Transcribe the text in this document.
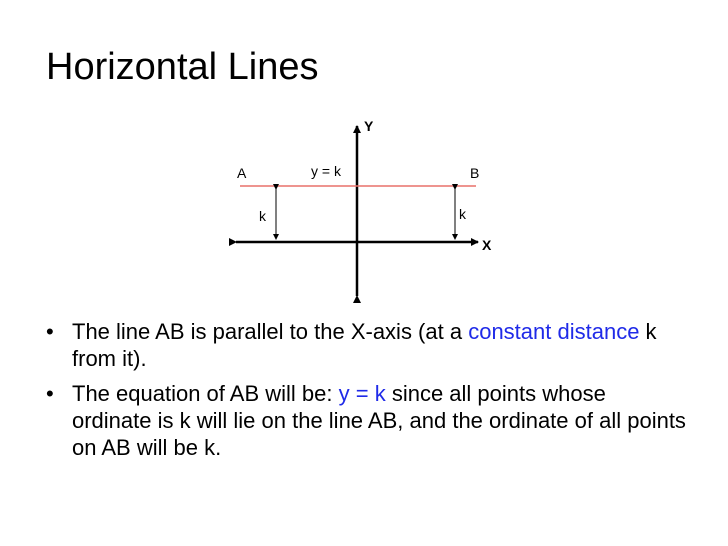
Horizontal Lines
Y
X
A	B
y = k
k	k
• The line AB is parallel to the X-axis (at a constant distance k from it).
• The equation of AB will be: y = k since all points whose ordinate is k will lie on the line AB, and the ordinate of all points on AB will be k.
